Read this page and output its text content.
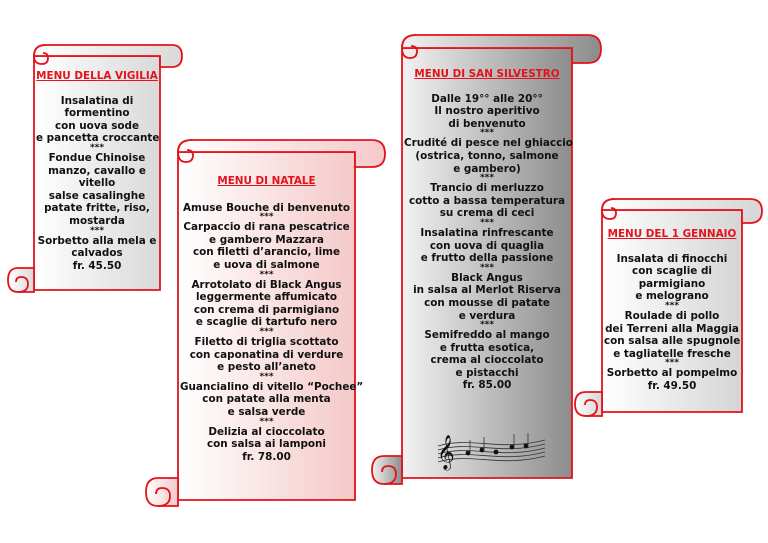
𝄞
MENU DELLA VIGILIA
Insalatina di
formentino
con uova sode
e pancetta croccante
***
Fondue Chinoise
manzo, cavallo e
vitello
salse casalinghe
patate fritte, riso,
mostarda
***
Sorbetto alla mela e
calvados
fr. 45.50
MENU DI NATALE
Amuse Bouche di benvenuto
***
Carpaccio di rana pescatrice
e gambero Mazzara
con filetti d’arancio, lime
e uova di salmone
***
Arrotolato di Black Angus
leggermente affumicato
con crema di parmigiano
e scaglie di tartufo nero
***
Filetto di triglia scottato
con caponatina di verdure
e pesto all’aneto
***
Guancialino di vitello “Pochee”
con patate alla menta
e salsa verde
***
Delizia al cioccolato
con salsa ai lamponi
fr. 78.00
MENU DI SAN SILVESTRO
Dalle 19°° alle 20°°
Il nostro aperitivo
di benvenuto
***
Crudité di pesce nel ghiaccio
(ostrica, tonno, salmone
e gambero)
***
Trancio di merluzzo
cotto a bassa temperatura
su crema di ceci
***
Insalatina rinfrescante
con uova di quaglia
e frutto della passione
***
Black Angus
in salsa al Merlot Riserva
con mousse di patate
e verdura
***
Semifreddo al mango
e frutta esotica,
crema al cioccolato
e pistacchi
fr. 85.00
MENU DEL 1 GENNAIO
Insalata di finocchi
con scaglie di
parmigiano
e melograno
***
Roulade di pollo
dei Terreni alla Maggia
con salsa alle spugnole
e tagliatelle fresche
***
Sorbetto al pompelmo
fr. 49.50
